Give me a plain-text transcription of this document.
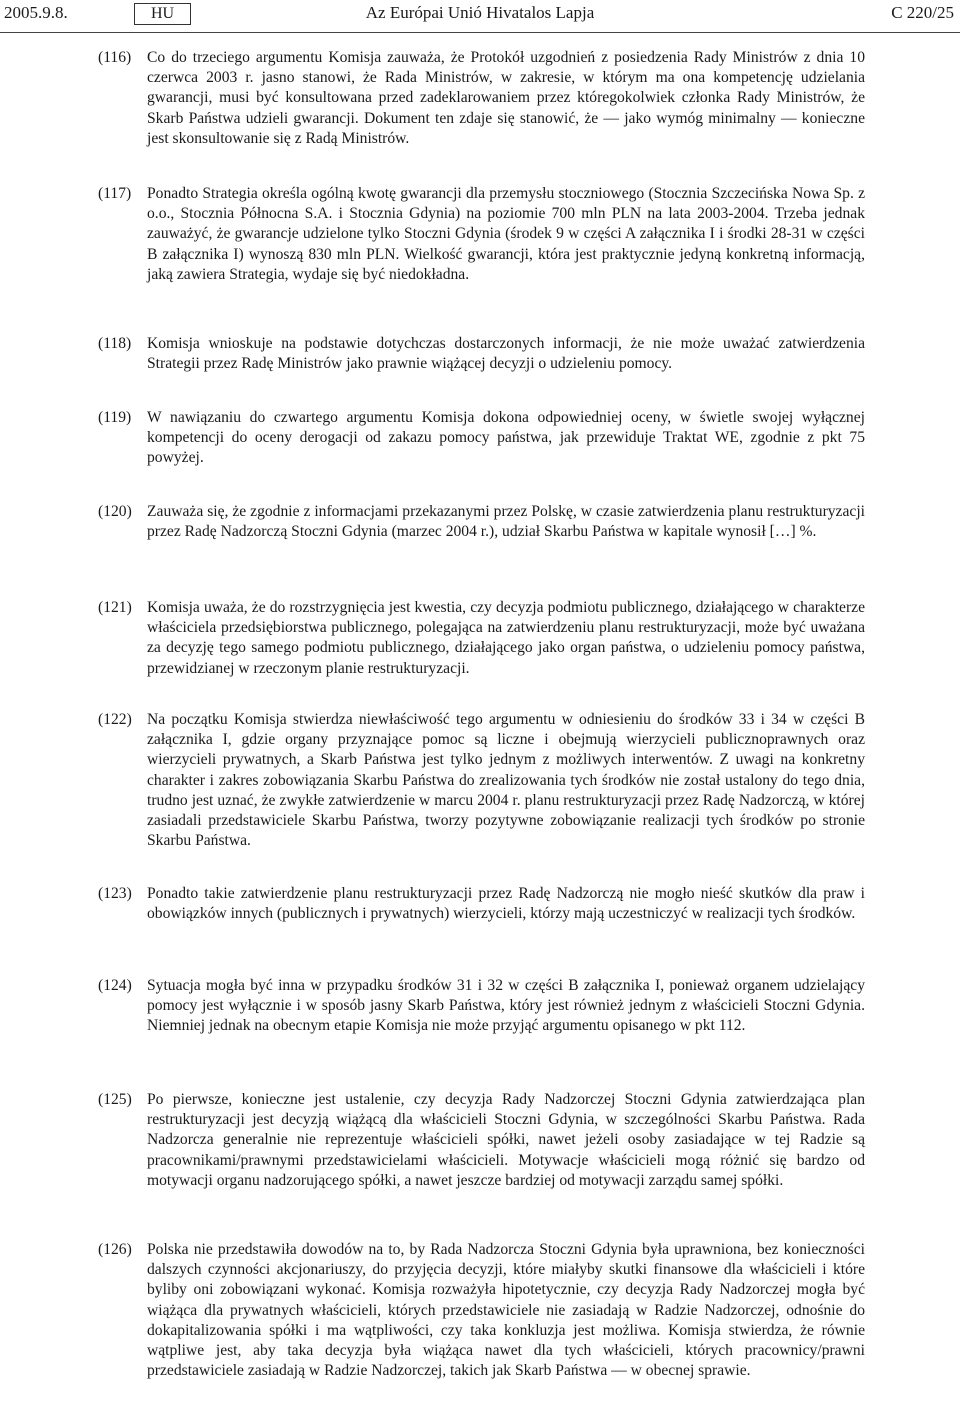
2005.9.8.	HU	Az Európai Unió Hivatalos Lapja	C 220/25
(116) Co do trzeciego argumentu Komisja zauważa, że Protokół uzgodnień z posiedzenia Rady Ministrów z dnia 10 czerwca 2003 r. jasno stanowi, że Rada Ministrów, w zakresie, w którym ma ona kompetencję udzielania gwarancji, musi być konsultowana przed zadeklarowaniem przez któregokolwiek członka Rady Ministrów, że Skarb Państwa udzieli gwarancji. Dokument ten zdaje się stanowić, że — jako wymóg minimalny — konieczne jest skonsultowanie się z Radą Ministrów.
(117) Ponadto Strategia określa ogólną kwotę gwarancji dla przemysłu stoczniowego (Stocznia Szczecińska Nowa Sp. z o.o., Stocznia Północna S.A. i Stocznia Gdynia) na poziomie 700 mln PLN na lata 2003-2004. Trzeba jednak zauważyć, że gwarancje udzielone tylko Stoczni Gdynia (środek 9 w części A załącznika I i środki 28-31 w części B załącznika I) wynoszą 830 mln PLN. Wielkość gwarancji, która jest praktycznie jedyną konkretną informacją, jaką zawiera Strategia, wydaje się być niedokładna.
(118) Komisja wnioskuje na podstawie dotychczas dostarczonych informacji, że nie może uważać zatwierdzenia Strategii przez Radę Ministrów jako prawnie wiążącej decyzji o udzieleniu pomocy.
(119) W nawiązaniu do czwartego argumentu Komisja dokona odpowiedniej oceny, w świetle swojej wyłącznej kompetencji do oceny derogacji od zakazu pomocy państwa, jak przewiduje Traktat WE, zgodnie z pkt 75 powyżej.
(120) Zauważa się, że zgodnie z informacjami przekazanymi przez Polskę, w czasie zatwierdzenia planu restrukturyzacji przez Radę Nadzorczą Stoczni Gdynia (marzec 2004 r.), udział Skarbu Państwa w kapitale wynosił […] %.
(121) Komisja uważa, że do rozstrzygnięcia jest kwestia, czy decyzja podmiotu publicznego, działającego w charakterze właściciela przedsiębiorstwa publicznego, polegająca na zatwierdzeniu planu restrukturyzacji, może być uważana za decyzję tego samego podmiotu publicznego, działającego jako organ państwa, o udzieleniu pomocy państwa, przewidzianej w rzeczonym planie restrukturyzacji.
(122) Na początku Komisja stwierdza niewłaściwość tego argumentu w odniesieniu do środków 33 i 34 w części B załącznika I, gdzie organy przyznające pomoc są liczne i obejmują wierzycieli publicznoprawnych oraz wierzycieli prywatnych, a Skarb Państwa jest tylko jednym z możliwych interwentów. Z uwagi na konkretny charakter i zakres zobowiązania Skarbu Państwa do zrealizowania tych środków nie został ustalony do tego dnia, trudno jest uznać, że zwykłe zatwierdzenie w marcu 2004 r. planu restrukturyzacji przez Radę Nadzorczą, w której zasiadali przedstawiciele Skarbu Państwa, tworzy pozytywne zobowiązanie realizacji tych środków po stronie Skarbu Państwa.
(123) Ponadto takie zatwierdzenie planu restrukturyzacji przez Radę Nadzorczą nie mogło nieść skutków dla praw i obowiązków innych (publicznych i prywatnych) wierzycieli, którzy mają uczestniczyć w realizacji tych środków.
(124) Sytuacja mogła być inna w przypadku środków 31 i 32 w części B załącznika I, ponieważ organem udzielający pomocy jest wyłącznie i w sposób jasny Skarb Państwa, który jest również jednym z właścicieli Stoczni Gdynia. Niemniej jednak na obecnym etapie Komisja nie może przyjąć argumentu opisanego w pkt 112.
(125) Po pierwsze, konieczne jest ustalenie, czy decyzja Rady Nadzorczej Stoczni Gdynia zatwierdzająca plan restrukturyzacji jest decyzją wiążącą dla właścicieli Stoczni Gdynia, w szczególności Skarbu Państwa. Rada Nadzorcza generalnie nie reprezentuje właścicieli spółki, nawet jeżeli osoby zasiadające w tej Radzie są pracownikami/prawnymi przedstawicielami właścicieli. Motywacje właścicieli mogą różnić się bardzo od motywacji organu nadzorującego spółki, a nawet jeszcze bardziej od motywacji zarządu samej spółki.
(126) Polska nie przedstawiła dowodów na to, by Rada Nadzorcza Stoczni Gdynia była uprawniona, bez konieczności dalszych czynności akcjonariuszy, do przyjęcia decyzji, które miałyby skutki finansowe dla właścicieli i które byliby oni zobowiązani wykonać. Komisja rozważyła hipotetycznie, czy decyzja Rady Nadzorczej mogła być wiążąca dla prywatnych właścicieli, których przedstawiciele nie zasiadają w Radzie Nadzorczej, odnośnie do dokapitalizowania spółki i ma wątpliwości, czy taka konkluzja jest możliwa. Komisja stwierdza, że równie wątpliwe jest, aby taka decyzja była wiążąca nawet dla tych właścicieli, których pracownicy/prawni przedstawiciele zasiadają w Radzie Nadzorczej, takich jak Skarb Państwa — w obecnej sprawie.
